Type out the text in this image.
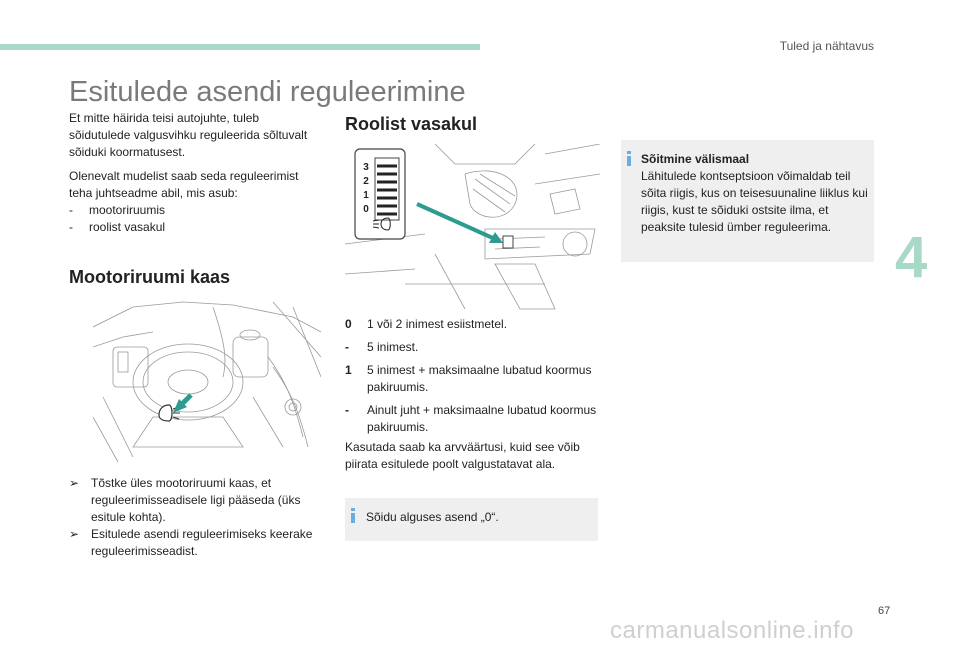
Tuled ja nähtavus
4
Esitulede asendi reguleerimine

Et mitte häirida teisi autojuhte, tuleb sõidutulede valgusvihku reguleerida sõltuvalt sõiduki koormatusest.

Olenevalt mudelist saab seda reguleerimist teha juhtseadme abil, mis asub:

-	mootoriruumis
-	roolist vasakul
Mootoriruumi kaas
➢ Tõstke üles mootoriruumi kaas, et reguleerimisseadisele ligi pääseda (üks esitule kohta).
➢ Esitulede asendi reguleerimiseks keerake reguleerimisseadist.
Roolist vasakul
3
2
1
0
0	1 või 2 inimest esiistmetel.
-	5 inimest.
1	5 inimest + maksimaalne lubatud koormus pakiruumis.
-	Ainult juht + maksimaalne lubatud koormus pakiruumis.

Kasutada saab ka arvväärtusi, kuid see võib piirata esitulede poolt valgustatavat ala.

Sõidu alguses asend „0“.
Sõitmine välismaal
Lähitulede kontseptsioon võimaldab teil sõita riigis, kus on teisesuunaline liiklus kui riigis, kust te sõiduki ostsite ilma, et peaksite tulesid ümber reguleerima.
67
carmanualsonline.info
